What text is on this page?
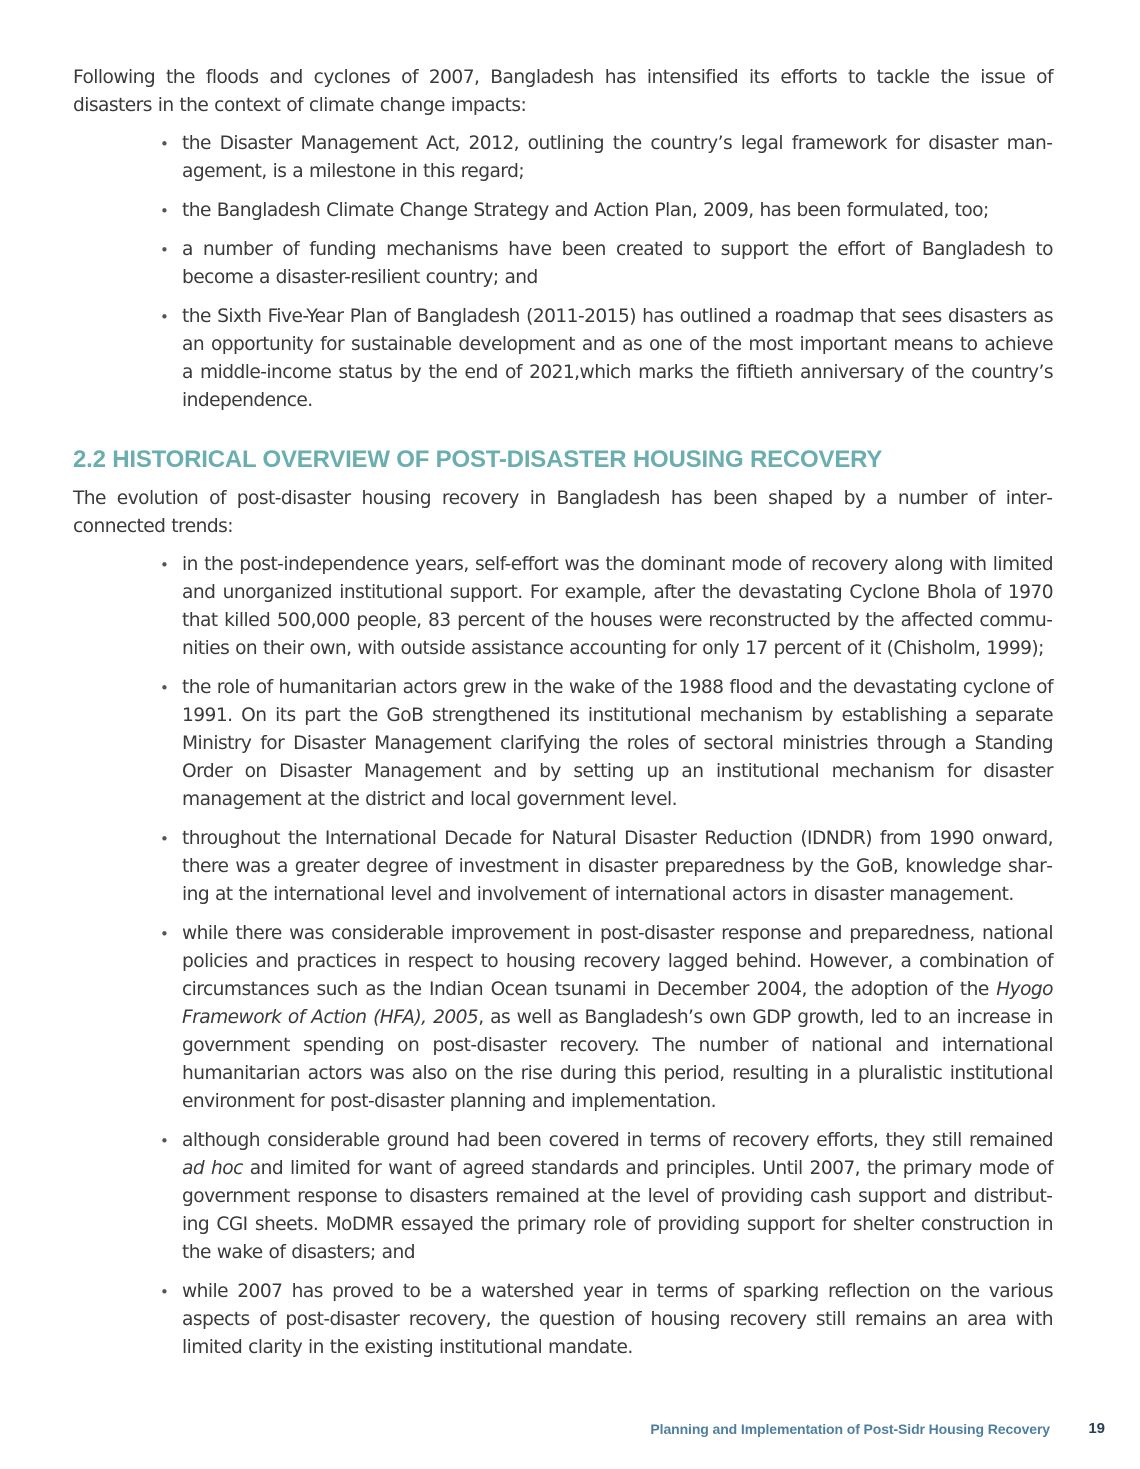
Following the floods and cyclones of 2007, Bangladesh has intensified its efforts to tackle the issue of disasters in the context of climate change impacts:

• the Disaster Management Act, 2012, outlining the country’s legal framework for disaster management, is a milestone in this regard;
• the Bangladesh Climate Change Strategy and Action Plan, 2009, has been formulated, too;
• a number of funding mechanisms have been created to support the effort of Bangladesh to become a disaster-resilient country; and
• the Sixth Five-Year Plan of Bangladesh (2011-2015) has outlined a roadmap that sees disasters as an opportunity for sustainable development and as one of the most important means to achieve a middle-income status by the end of 2021,which marks the fiftieth anniversary of the country’s independence.
2.2 HISTORICAL OVERVIEW OF POST-DISASTER HOUSING RECOVERY

The evolution of post-disaster housing recovery in Bangladesh has been shaped by a number of interconnected trends:

• in the post-independence years, self-effort was the dominant mode of recovery along with limited and unorganized institutional support. For example, after the devastating Cyclone Bhola of 1970 that killed 500,000 people, 83 percent of the houses were reconstructed by the affected communities on their own, with outside assistance accounting for only 17 percent of it (Chisholm, 1999);
• the role of humanitarian actors grew in the wake of the 1988 flood and the devastating cyclone of 1991. On its part the GoB strengthened its institutional mechanism by establishing a separate Ministry for Disaster Management clarifying the roles of sectoral ministries through a Standing Order on Disaster Management and by setting up an institutional mechanism for disaster management at the district and local government level.
• throughout the International Decade for Natural Disaster Reduction (IDNDR) from 1990 onward, there was a greater degree of investment in disaster preparedness by the GoB, knowledge sharing at the international level and involvement of international actors in disaster management.
• while there was considerable improvement in post-disaster response and preparedness, national policies and practices in respect to housing recovery lagged behind. However, a combination of circumstances such as the Indian Ocean tsunami in December 2004, the adoption of the Hyogo Framework of Action (HFA), 2005, as well as Bangladesh’s own GDP growth, led to an increase in government spending on post-disaster recovery. The number of national and international humanitarian actors was also on the rise during this period, resulting in a pluralistic institutional environment for post-disaster planning and implementation.
• although considerable ground had been covered in terms of recovery efforts, they still remained ad hoc and limited for want of agreed standards and principles. Until 2007, the primary mode of government response to disasters remained at the level of providing cash support and distributing CGI sheets. MoDMR essayed the primary role of providing support for shelter construction in the wake of disasters; and
• while 2007 has proved to be a watershed year in terms of sparking reflection on the various aspects of post-disaster recovery, the question of housing recovery still remains an area with limited clarity in the existing institutional mandate.
Planning and Implementation of Post-Sidr Housing Recovery	19
